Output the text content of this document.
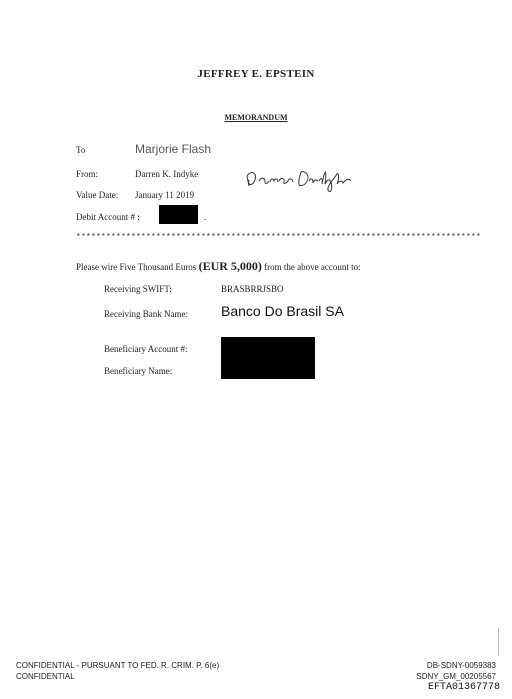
JEFFREY E. EPSTEIN
MEMORANDUM
To	Marjorie Flash
From:	Darren K. Indyke
Value Date: January 11 2019
Debit Account # :	.
*********************************************************************************
Please wire Five Thousand Euros (EUR 5,000) from the above account to:
Receiving SWIFT:	BRASBRRJSBO
Receiving Bank Name: Banco Do Brasil SA
Beneficiary Account #:
Beneficiary Name:
CONFIDENTIAL - PURSUANT TO FED. R. CRIM. P. 6(e)
CONFIDENTIAL
DB-SDNY-0059383
SDNY_GM_00205567
EFTA01367778
